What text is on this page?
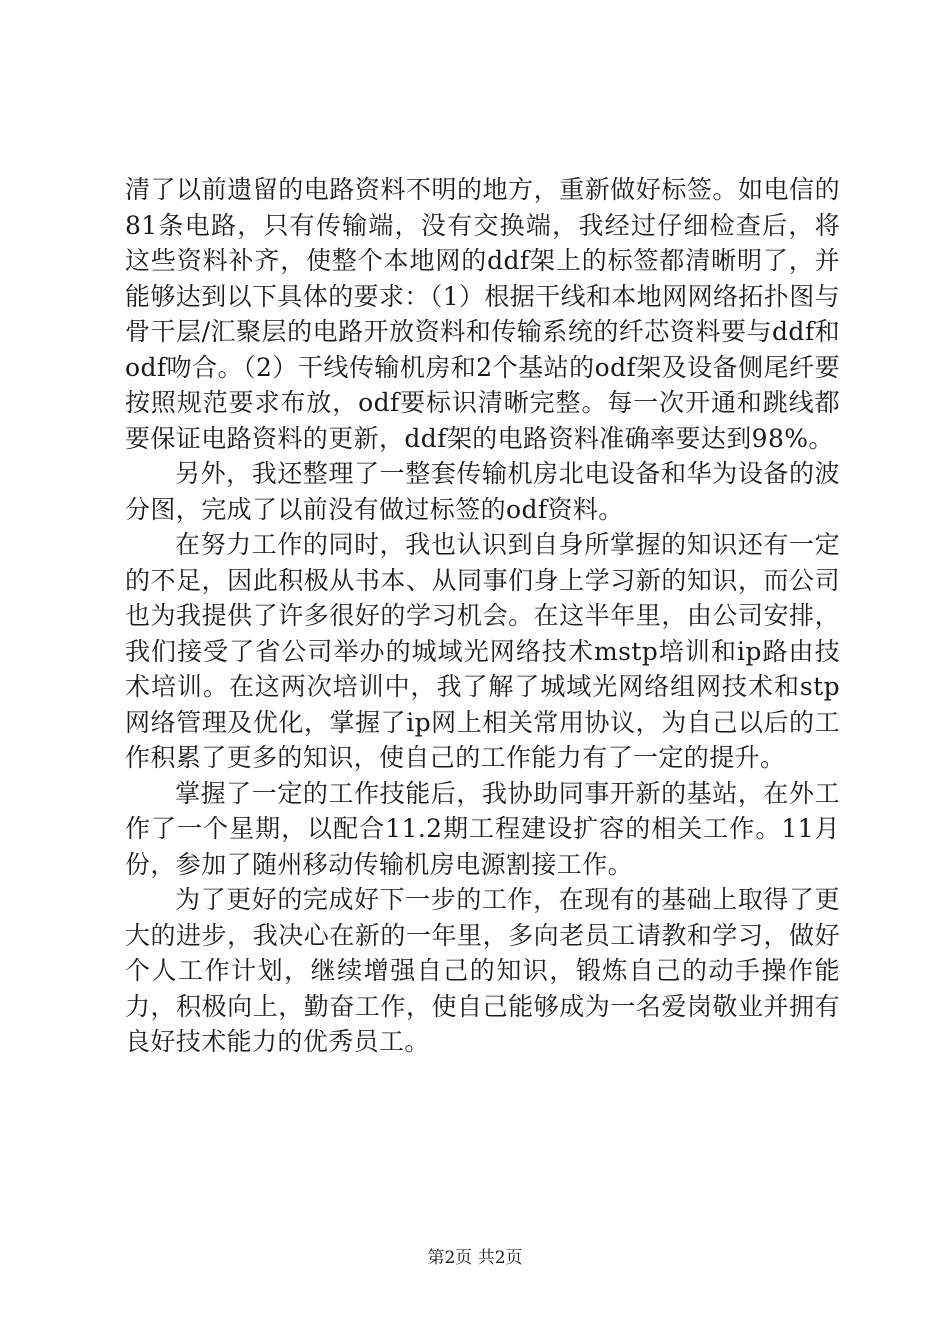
清了以前遗留的电路资料不明的地方，重新做好标签。如电信的81条电路，只有传输端，没有交换端，我经过仔细检查后，将这些资料补齐，使整个本地网的ddf架上的标签都清晰明了，并能够达到以下具体的要求：（1）根据干线和本地网网络拓扑图与骨干层/汇聚层的电路开放资料和传输系统的纤芯资料要与ddf和odf吻合。（2）干线传输机房和2个基站的odf架及设备侧尾纤要按照规范要求布放，odf要标识清晰完整。每一次开通和跳线都要保证电路资料的更新，ddf架的电路资料准确率要达到98%。

另外，我还整理了一整套传输机房北电设备和华为设备的波分图，完成了以前没有做过标签的odf资料。

在努力工作的同时，我也认识到自身所掌握的知识还有一定的不足，因此积极从书本、从同事们身上学习新的知识，而公司也为我提供了许多很好的学习机会。在这半年里，由公司安排，我们接受了省公司举办的城域光网络技术mstp培训和ip路由技术培训。在这两次培训中，我了解了城域光网络组网技术和stp网络管理及优化，掌握了ip网上相关常用协议，为自己以后的工作积累了更多的知识，使自己的工作能力有了一定的提升。

掌握了一定的工作技能后，我协助同事开新的基站，在外工作了一个星期，以配合11.2期工程建设扩容的相关工作。11月份，参加了随州移动传输机房电源割接工作。

为了更好的完成好下一步的工作，在现有的基础上取得了更大的进步，我决心在新的一年里，多向老员工请教和学习，做好个人工作计划，继续增强自己的知识，锻炼自己的动手操作能力，积极向上，勤奋工作，使自己能够成为一名爱岗敬业并拥有良好技术能力的优秀员工。

第2页 共2页
